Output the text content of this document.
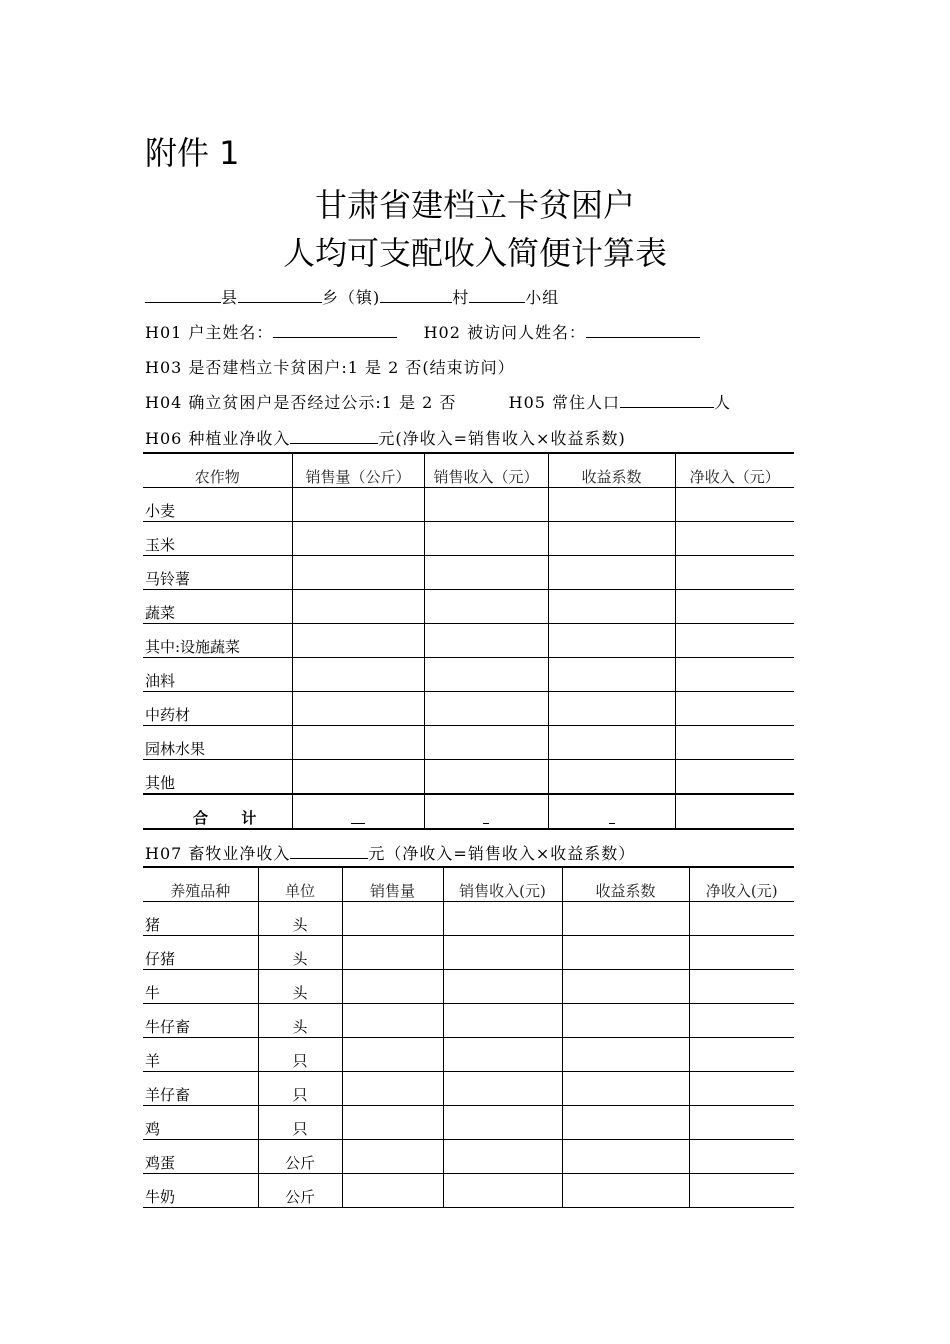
附件 1
甘肃省建档立卡贫困户
人均可支配收入简便计算表
县	乡（镇)	村	小组
H01 户主姓名：	H02 被访问人姓名：
H03 是否建档立卡贫困户:1 是 2 否(结束访问）
H04 确立贫困户是否经过公示:1 是 2 否	H05 常住人口	人
H06 种植业净收入	元(净收入=销售收入×收益系数)
农作物	销售量（公斤）	销售收入（元）	收益系数	净收入（元）
小麦				
玉米				
马铃薯				
蔬菜				
其中:设施蔬菜				
油料				
中药材				
园林水果				
其他				
合 计				
H07 畜牧业净收入	元（净收入=销售收入×收益系数）
养殖品种	单位	销售量	销售收入(元)	收益系数	净收入(元)
猪	头				
仔猪	头				
牛	头				
牛仔畜	头				
羊	只				
羊仔畜	只				
鸡	只				
鸡蛋	公斤				
牛奶	公斤				
